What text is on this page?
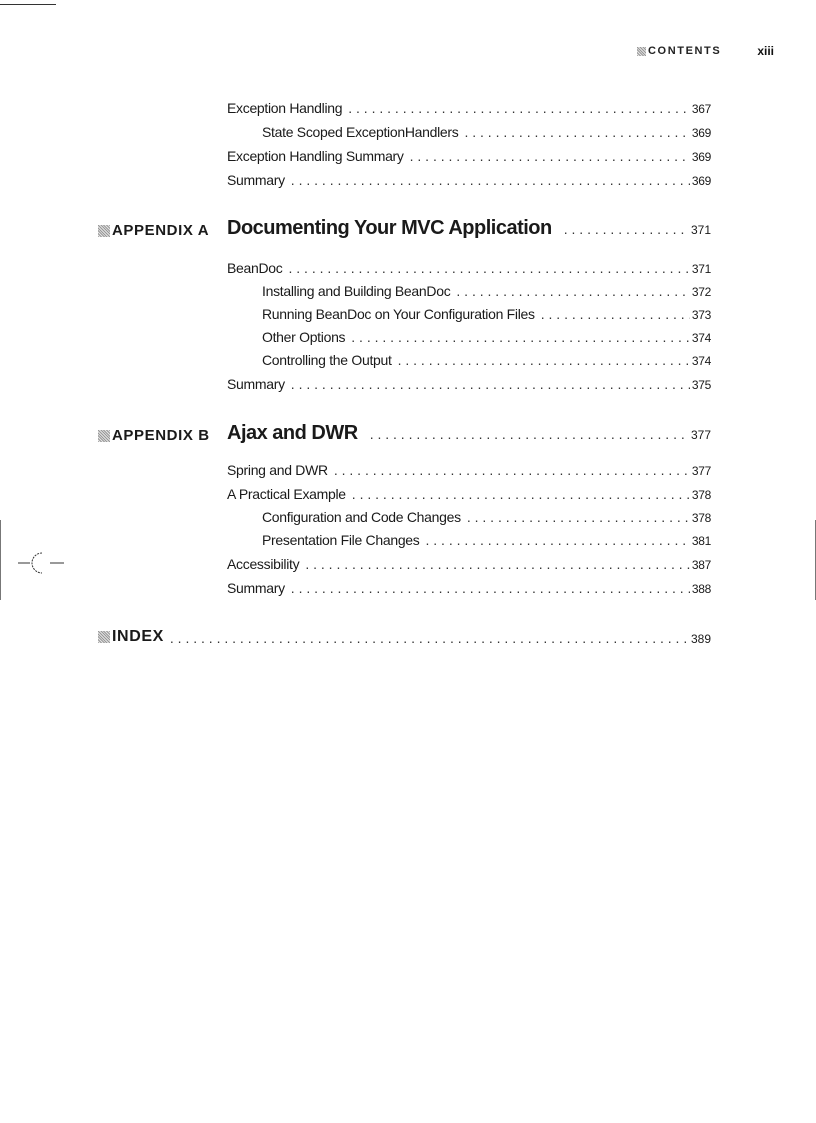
CONTENTS	xiii
Exception Handling . . .	367
State Scoped ExceptionHandlers . . .	369
Exception Handling Summary . . .	369
Summary . . .	369
APPENDIX A Documenting Your MVC Application . . .	371
BeanDoc . . .	371
Installing and Building BeanDoc . . .	372
Running BeanDoc on Your Configuration Files . . .	373
Other Options . . .	374
Controlling the Output . . .	374
Summary . . .	375
APPENDIX B Ajax and DWR . . .	377
Spring and DWR . . .	377
A Practical Example . . .	378
Configuration and Code Changes . . .	378
Presentation File Changes . . .	381
Accessibility . . .	387
Summary . . .	388
INDEX . . .	389
